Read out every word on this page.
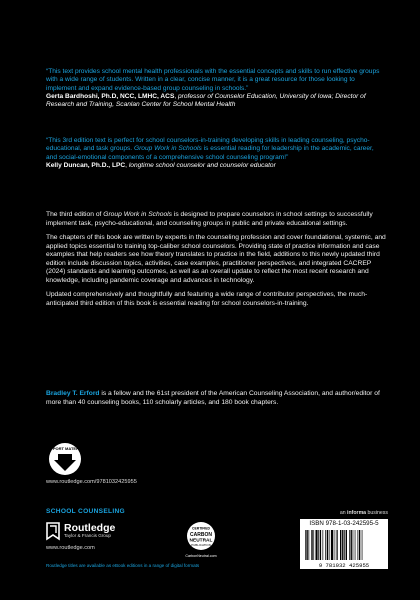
“This text provides school mental health professionals with the essential concepts and skills to run effective groups with a wide range of students. Written in a clear, concise manner, it is a great resource for those looking to implement and expand evidence-based group counseling in schools.”
Gerta Bardhoshi, Ph.D, NCC, LMHC, ACS, professor of Counselor Education, University of Iowa; Director of Research and Training, Scanlan Center for School Mental Health
“This 3rd edition text is perfect for school counselors-in-training developing skills in leading counseling, psycho-educational, and task groups. Group Work in Schools is essential reading for leadership in the academic, career, and social-emotional components of a comprehensive school counseling program!”
Kelly Duncan, Ph.D., LPC, longtime school counselor and counselor educator

The third edition of Group Work in Schools is designed to prepare counselors in school settings to successfully implement task, psycho-educational, and counseling groups in public and private educational settings.

The chapters of this book are written by experts in the counseling profession and cover foundational, systemic, and applied topics essential to training top-caliber school counselors. Providing state of practice information and case examples that help readers see how theory translates to practice in the field, additions to this newly updated third edition include discussion topics, activities, case examples, practitioner perspectives, and integrated CACREP (2024) standards and learning outcomes, as well as an overall update to reflect the most recent research and knowledge, including pandemic coverage and advances in technology.

Updated comprehensively and thoughtfully and featuring a wide range of contributor perspectives, the much-anticipated third edition of this book is essential reading for school counselors-in-training.

Bradley T. Erford is a fellow and the 61st president of the American Counseling Association, and author/editor of more than 40 counseling books, 110 scholarly articles, and 180 book chapters.
SUPPORT MATERIAL
www.routledge.com/9781032425955
SCHOOL COUNSELING
Routledge
Taylor & Francis Group
www.routledge.com
Routledge titles are available as eBook editions in a range of digital formats
CERTIFIED
CARBON
NEUTRAL
PUBLICATION
CarbonNeutral.com
an informa business
ISBN 978-1-03-242595-5
9 781032 425955
